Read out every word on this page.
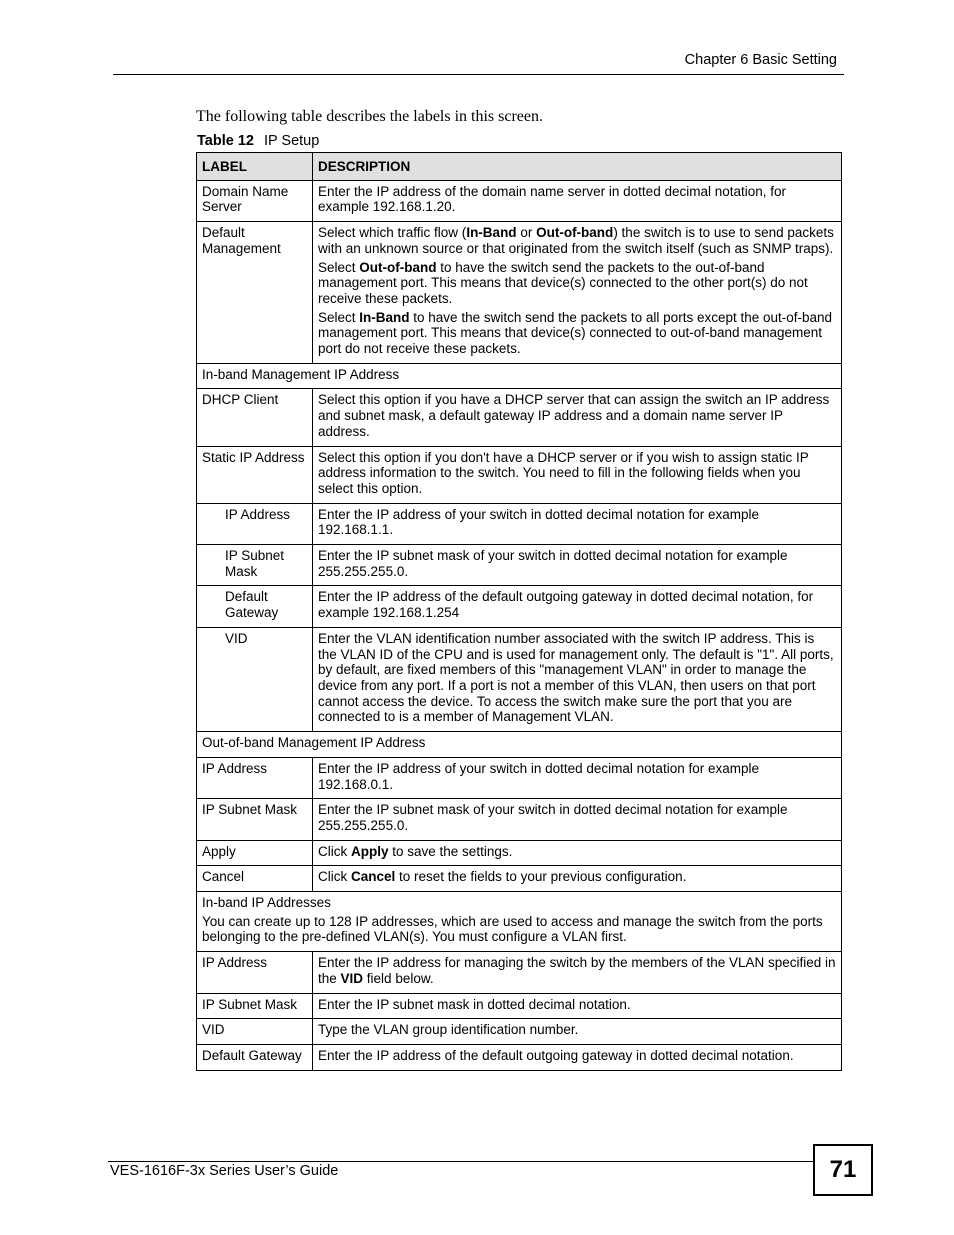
Chapter 6 Basic Setting
The following table describes the labels in this screen.
Table 12 IP Setup
LABEL	DESCRIPTION
Domain Name Server	Enter the IP address of the domain name server in dotted decimal notation, for example 192.168.1.20.

Default Management	Select which traffic flow (In-Band or Out-of-band) the switch is to use to send packets with an unknown source or that originated from the switch itself (such as SNMP traps).

Select Out-of-band to have the switch send the packets to the out-of-band management port. This means that device(s) connected to the other port(s) do not receive these packets.

Select In-Band to have the switch send the packets to all ports except the out-of-band management port. This means that device(s) connected to out-of-band management port do not receive these packets.

In-band Management IP Address	

DHCP Client	Select this option if you have a DHCP server that can assign the switch an IP address and subnet mask, a default gateway IP address and a domain name server IP address.

Static IP Address	Select this option if you don't have a DHCP server or if you wish to assign static IP address information to the switch. You need to fill in the following fields when you select this option.

IP Address	Enter the IP address of your switch in dotted decimal notation for example 192.168.1.1.

IP Subnet Mask	Enter the IP subnet mask of your switch in dotted decimal notation for example 255.255.255.0.

Default Gateway	Enter the IP address of the default outgoing gateway in dotted decimal notation, for example 192.168.1.254

VID	Enter the VLAN identification number associated with the switch IP address. This is the VLAN ID of the CPU and is used for management only. The default is "1". All ports, by default, are fixed members of this "management VLAN" in order to manage the device from any port. If a port is not a member of this VLAN, then users on that port cannot access the device. To access the switch make sure the port that you are connected to is a member of Management VLAN.

Out-of-band Management IP Address	

IP Address	Enter the IP address of your switch in dotted decimal notation for example 192.168.0.1.

IP Subnet Mask	Enter the IP subnet mask of your switch in dotted decimal notation for example 255.255.255.0.

Apply	Click Apply to save the settings.

Cancel	Click Cancel to reset the fields to your previous configuration.

In-band IP Addresses

You can create up to 128 IP addresses, which are used to access and manage the switch from the ports belonging to the pre-defined VLAN(s). You must configure a VLAN first.	

IP Address	Enter the IP address for managing the switch by the members of the VLAN specified in the VID field below.

IP Subnet Mask	Enter the IP subnet mask in dotted decimal notation.

VID	Type the VLAN group identification number.

Default Gateway	Enter the IP address of the default outgoing gateway in dotted decimal notation.

VES-1616F-3x Series User’s Guide	71
